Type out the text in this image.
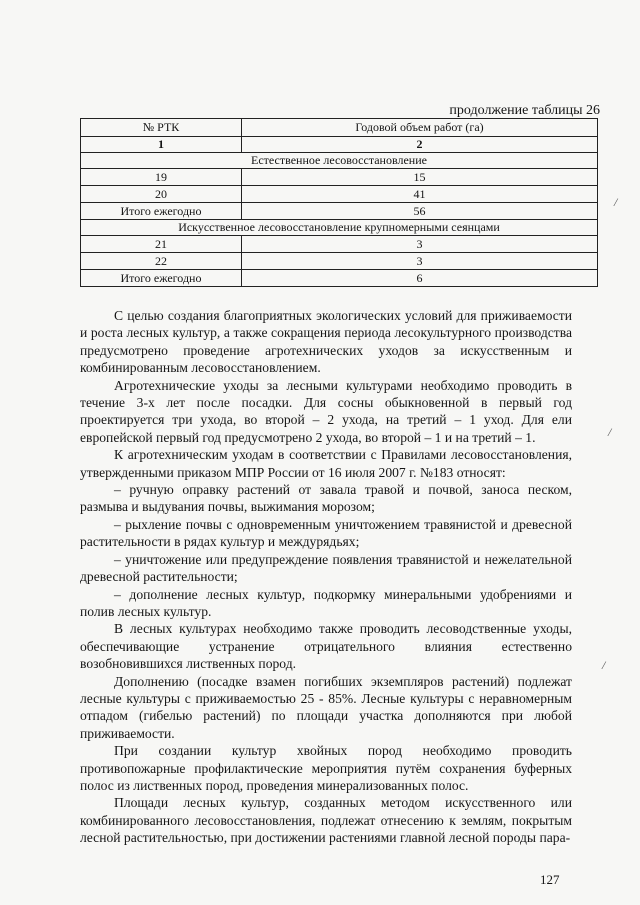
продолжение таблицы 26
№ РТК	Годовой объем работ (га)
1	2
Естественное лесовосстановление	
19	15
20	41
Итого ежегодно	56
Искусственное лесовосстановление крупномерными сеянцами	
21	3
22	3
Итого ежегодно	6

С целью создания благоприятных экологических условий для приживаемости и роста лесных культур, а также сокращения периода лесокультурного производства предусмотрено проведение агротехнических уходов за искусственным и комбинированным лесовосстановлением.

Агротехнические уходы за лесными культурами необходимо проводить в течение 3-х лет после посадки. Для сосны обыкновенной в первый год проектируется три ухода, во второй – 2 ухода, на третий – 1 уход. Для ели европейской первый год предусмотрено 2 ухода, во второй – 1 и на третий – 1.

К агротехническим уходам в соответствии с Правилами лесовосстановления, утвержденными приказом МПР России от 16 июля 2007 г. №183 относят:

– ручную оправку растений от завала травой и почвой, заноса песком, размыва и выдувания почвы, выжимания морозом;

– рыхление почвы с одновременным уничтожением травянистой и древесной растительности в рядах культур и междурядьях;

– уничтожение или предупреждение появления травянистой и нежелательной древесной растительности;

– дополнение лесных культур, подкормку минеральными удобрениями и полив лесных культур.

В лесных культурах необходимо также проводить лесоводственные уходы, обеспечивающие устранение отрицательного влияния естественно возобновившихся лиственных пород.

Дополнению (посадке взамен погибших экземпляров растений) подлежат лесные культуры с приживаемостью 25 - 85%. Лесные культуры с неравномерным отпадом (гибелью растений) по площади участка дополняются при любой приживаемости.

При создании культур хвойных пород необходимо проводить противопожарные профилактические мероприятия путём сохранения буферных полос из лиственных пород, проведения минерализованных полос.

Площади лесных культур, созданных методом искусственного или комбинированного лесовосстановления, подлежат отнесению к землям, покрытым лесной растительностью, при достижении растениями главной лесной породы пара-

127
/
/
/
